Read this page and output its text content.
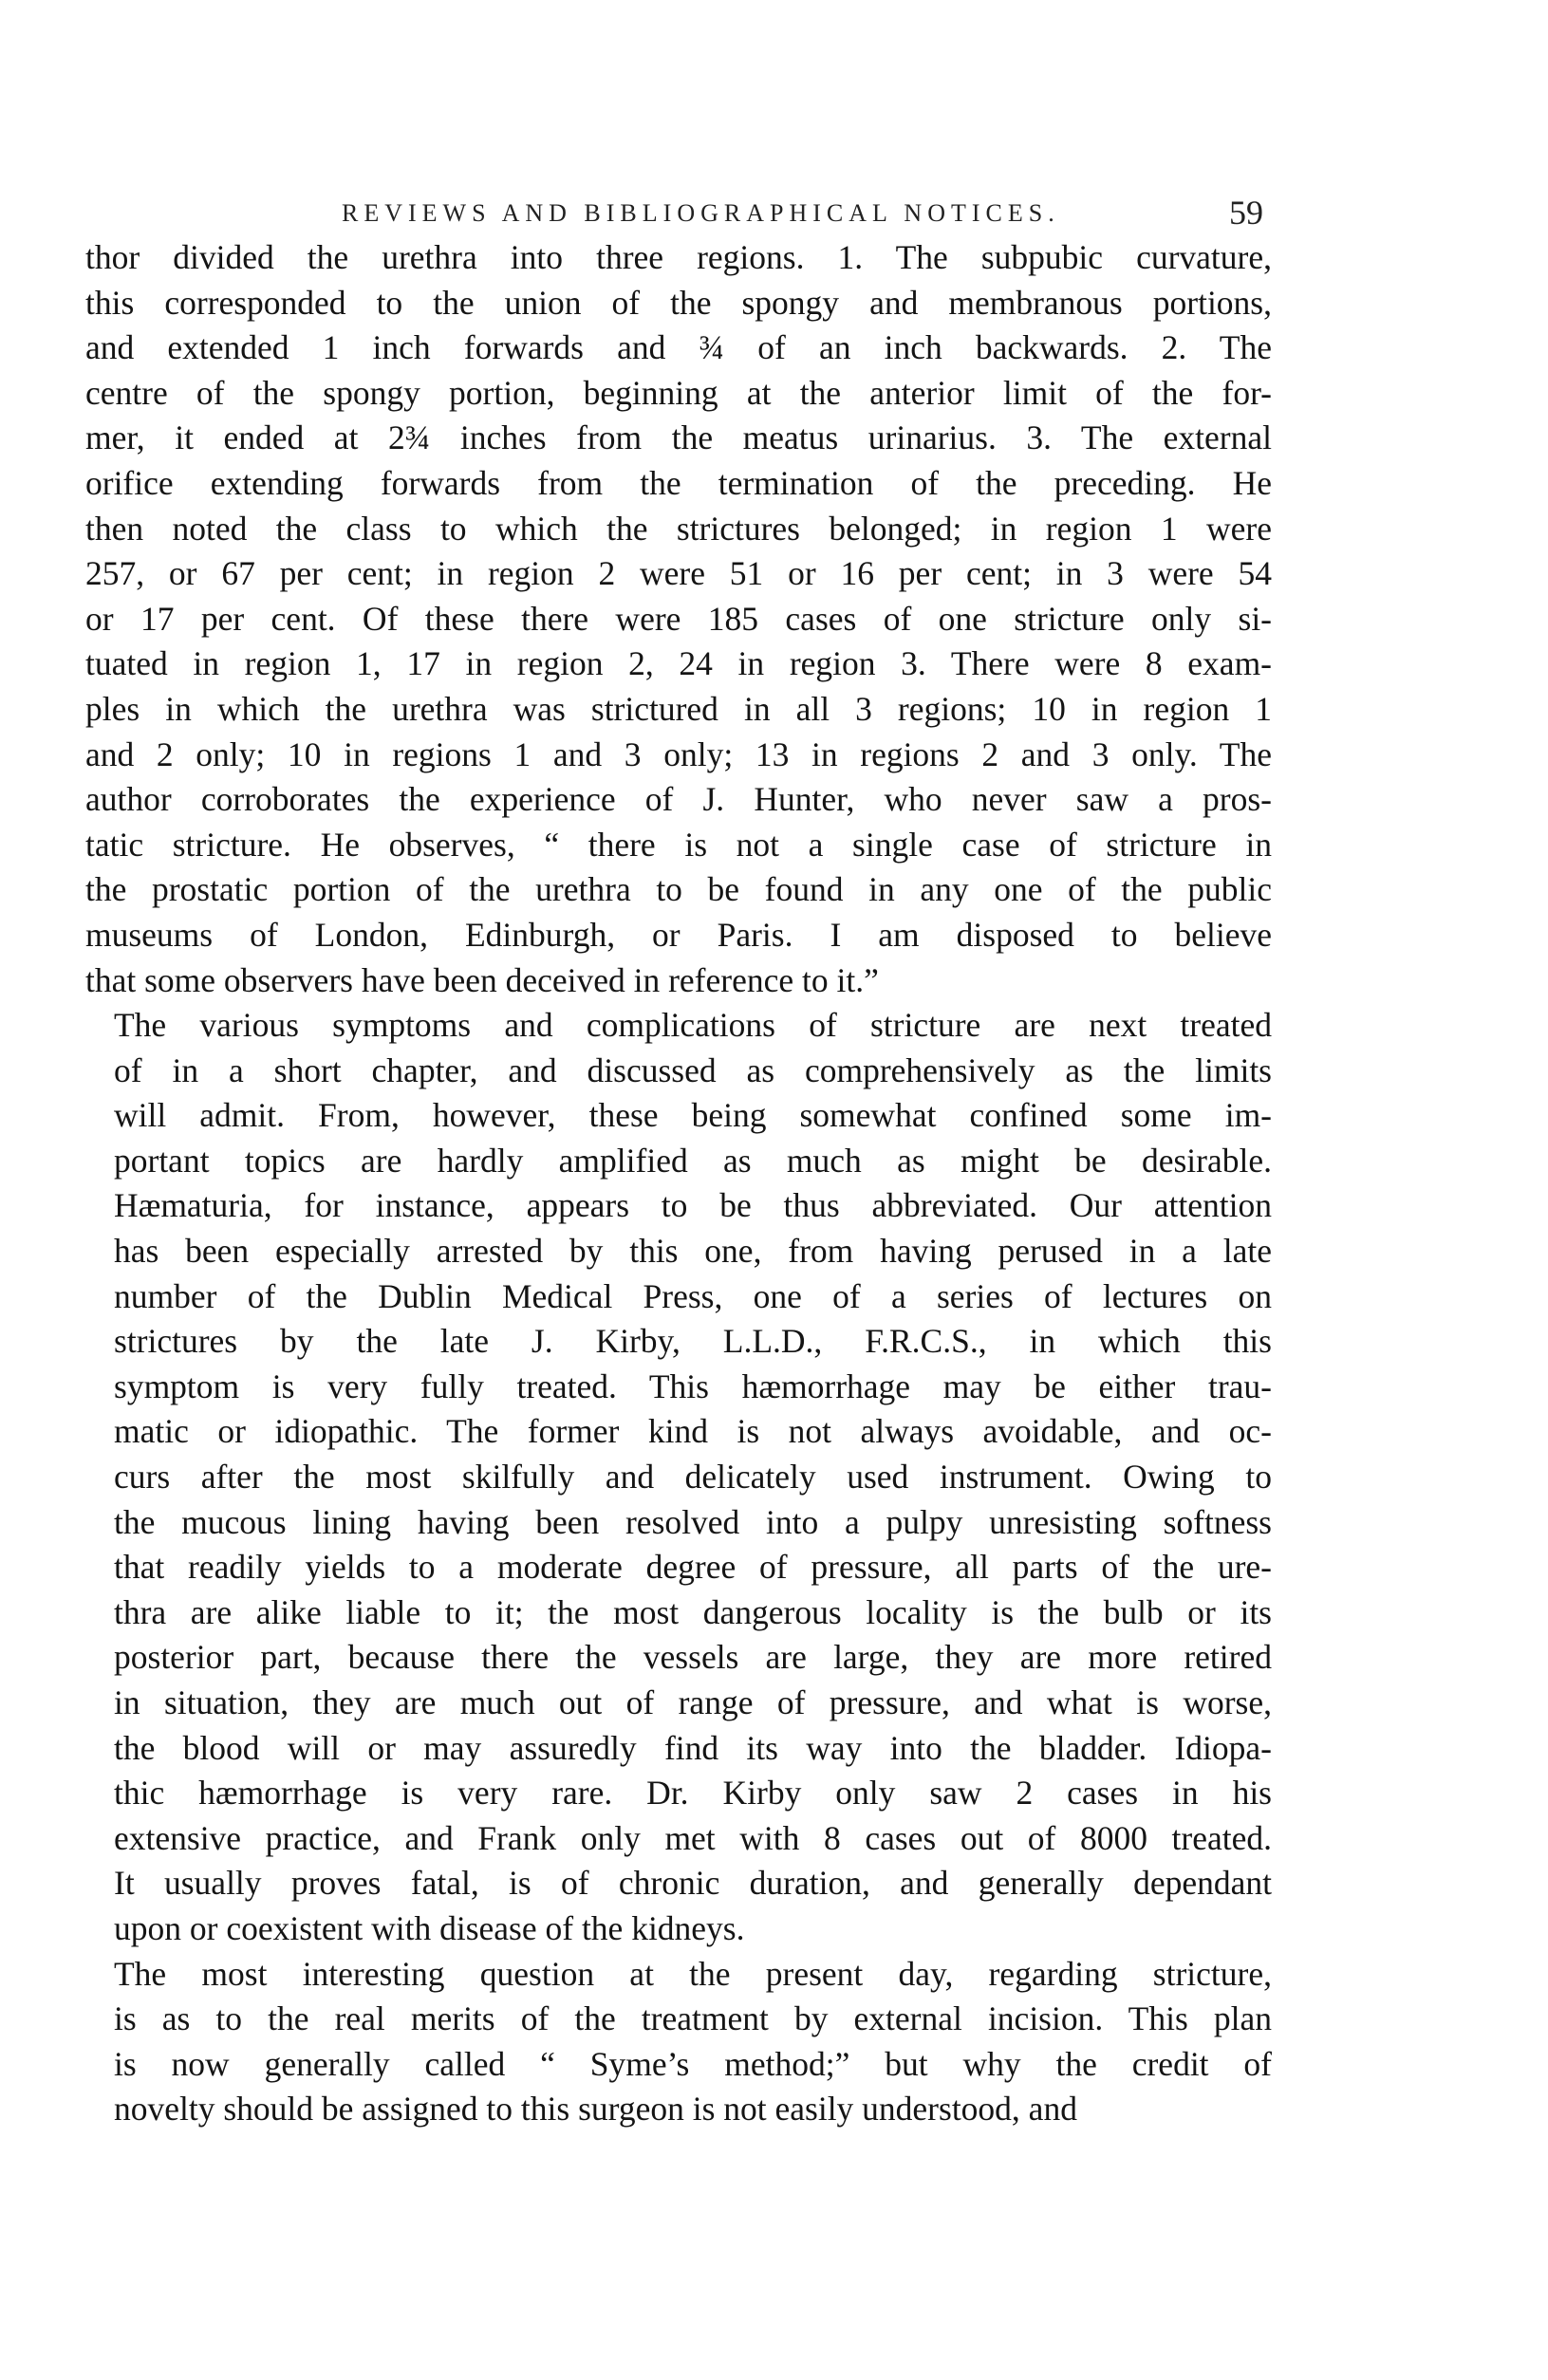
REVIEWS AND BIBLIOGRAPHICAL NOTICES.	59
thor divided the urethra into three regions. 1. The subpubic curvature,
this corresponded to the union of the spongy and membranous portions,
and extended 1 inch forwards and ¾ of an inch backwards. 2. The
centre of the spongy portion, beginning at the anterior limit of the for-
mer, it ended at 2¾ inches from the meatus urinarius. 3. The external
orifice extending forwards from the termination of the preceding. He
then noted the class to which the strictures belonged; in region 1 were
257, or 67 per cent; in region 2 were 51 or 16 per cent; in 3 were 54
or 17 per cent. Of these there were 185 cases of one stricture only si-
tuated in region 1, 17 in region 2, 24 in region 3. There were 8 exam-
ples in which the urethra was strictured in all 3 regions; 10 in region 1
and 2 only; 10 in regions 1 and 3 only; 13 in regions 2 and 3 only. The
author corroborates the experience of J. Hunter, who never saw a pros-
tatic stricture. He observes, “ there is not a single case of stricture in
the prostatic portion of the urethra to be found in any one of the public
museums of London, Edinburgh, or Paris. I am disposed to believe
that some observers have been deceived in reference to it.”
The various symptoms and complications of stricture are next treated
of in a short chapter, and discussed as comprehensively as the limits
will admit. From, however, these being somewhat confined some im-
portant topics are hardly amplified as much as might be desirable.
Hæmaturia, for instance, appears to be thus abbreviated. Our attention
has been especially arrested by this one, from having perused in a late
number of the Dublin Medical Press, one of a series of lectures on
strictures by the late J. Kirby, L.L.D., F.R.C.S., in which this
symptom is very fully treated. This hæmorrhage may be either trau-
matic or idiopathic. The former kind is not always avoidable, and oc-
curs after the most skilfully and delicately used instrument. Owing to
the mucous lining having been resolved into a pulpy unresisting softness
that readily yields to a moderate degree of pressure, all parts of the ure-
thra are alike liable to it; the most dangerous locality is the bulb or its
posterior part, because there the vessels are large, they are more retired
in situation, they are much out of range of pressure, and what is worse,
the blood will or may assuredly find its way into the bladder. Idiopa-
thic hæmorrhage is very rare. Dr. Kirby only saw 2 cases in his
extensive practice, and Frank only met with 8 cases out of 8000 treated.
It usually proves fatal, is of chronic duration, and generally dependant
upon or coexistent with disease of the kidneys.
The most interesting question at the present day, regarding stricture,
is as to the real merits of the treatment by external incision. This plan
is now generally called “ Syme’s method;” but why the credit of
novelty should be assigned to this surgeon is not easily understood, and
